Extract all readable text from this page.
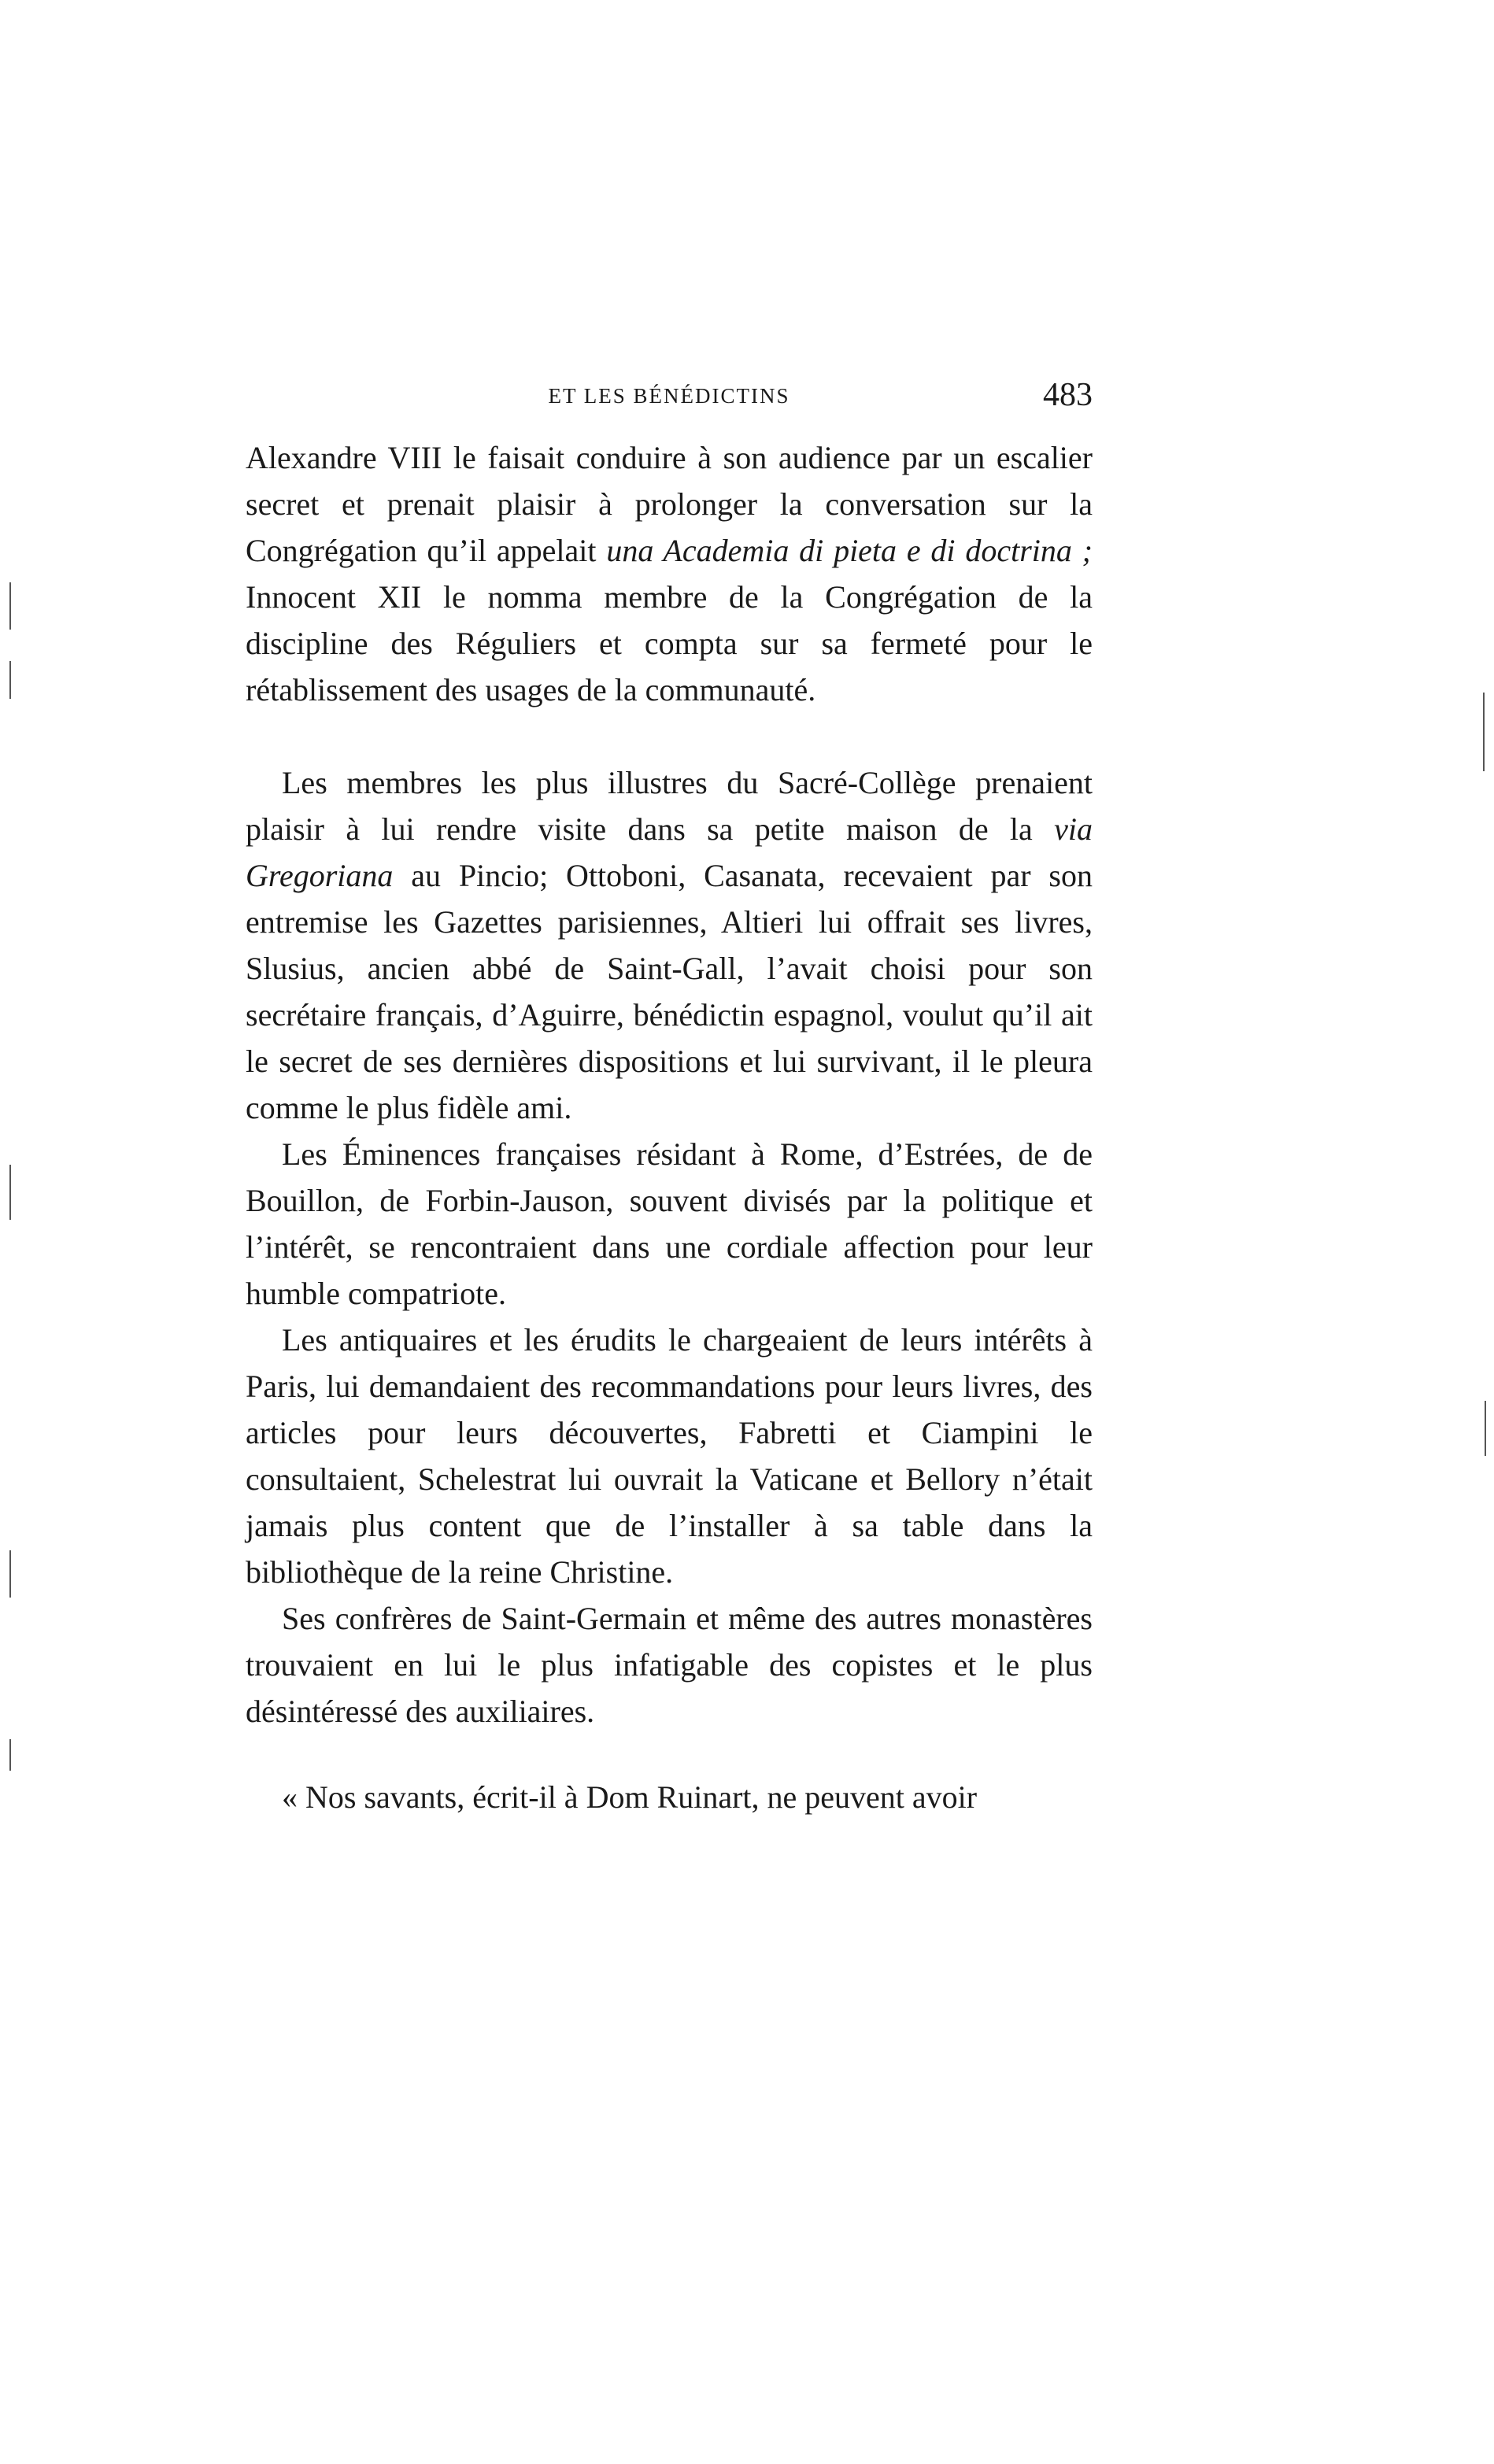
ET LES BÉNÉDICTINS	483

Alexandre VIII le faisait conduire à son audience par un escalier secret et prenait plaisir à prolonger la conversation sur la Congrégation qu’il appelait una Academia di pieta e di doctrina ; Innocent XII le nomma membre de la Congrégation de la discipline des Réguliers et compta sur sa fermeté pour le rétablissement des usages de la communauté.

Les membres les plus illustres du Sacré-Collège prenaient plaisir à lui rendre visite dans sa petite maison de la via Gregoriana au Pincio; Ottoboni, Casanata, recevaient par son entremise les Gazettes parisiennes, Altieri lui offrait ses livres, Slusius, ancien abbé de Saint-Gall, l’avait choisi pour son secrétaire français, d’Aguirre, bénédictin espagnol, voulut qu’il ait le secret de ses dernières dispositions et lui survivant, il le pleura comme le plus fidèle ami.

Les Éminences françaises résidant à Rome, d’Estrées, de de Bouillon, de Forbin-Jauson, souvent divisés par la politique et l’intérêt, se rencontraient dans une cordiale affection pour leur humble compatriote.

Les antiquaires et les érudits le chargeaient de leurs intérêts à Paris, lui demandaient des recommandations pour leurs livres, des articles pour leurs découvertes, Fabretti et Ciampini le consultaient, Schelestrat lui ouvrait la Vaticane et Bellory n’était jamais plus content que de l’installer à sa table dans la bibliothèque de la reine Christine.

Ses confrères de Saint-Germain et même des autres monastères trouvaient en lui le plus infatigable des copistes et le plus désintéressé des auxiliaires.

« Nos savants, écrit-il à Dom Ruinart, ne peuvent avoir
